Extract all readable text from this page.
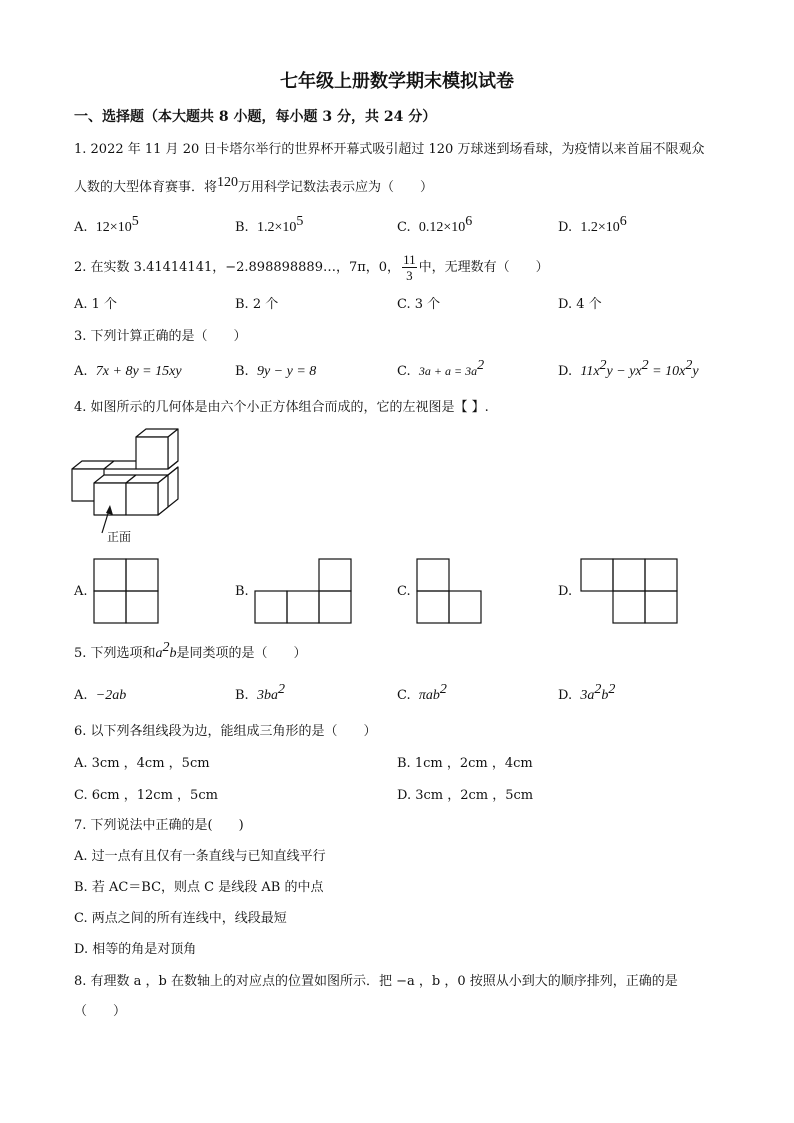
七年级上册数学期末模拟试卷
一、选择题（本大题共 8 小题，每小题 3 分，共 24 分）
1. 2022 年 11 月 20 日卡塔尔举行的世界杯开幕式吸引超过 120 万球迷到场看球，为疫情以来首届不限观众
人数的大型体育赛事．将120万用科学记数法表示应为（　　）
A. $12\times 10^5$	B. $1.2\times 10^5$	C. $0.12\times 10^6$	D. $1.2\times 10^6$
2. 在实数 3.41414141，−2.898898889…，7π，0， $\frac{11}{3}$ 中，无理数有（　　）
A. 1 个	B. 2 个	C. 3 个	D. 4 个
3. 下列计算正确的是（　　）
A. 7x + 8y = 15xy	B. 9y − y = 8	C. $3a + a = 3a^2$	D. $11x^2y - yx^2 = 10x^2y$
4. 如图所示的几何体是由六个小正方体组合而成的，它的左视图是【 】.
正面
A.	B.	C.	D.
5. 下列选项和$a^2b$是同类项的是（　　）
A. −2ab	B. $3ba^2$	C. πab$^2$	D. $3a^2b^2$
6. 以下列各组线段为边，能组成三角形的是（　　）
A. 3cm ，4cm ，5cm	B. 1cm ，2cm ，4cm
C. 6cm ，12cm ，5cm	D. 3cm ，2cm ，5cm
7. 下列说法中正确的是(　　)
A. 过一点有且仅有一条直线与已知直线平行
B. 若 AC＝BC，则点 C 是线段 AB 的中点
C. 两点之间的所有连线中，线段最短
D. 相等的角是对顶角
8. 有理数 a ，b 在数轴上的对应点的位置如图所示．把 −a ，b ，0 按照从小到大的顺序排列，正确的是
（　　）
